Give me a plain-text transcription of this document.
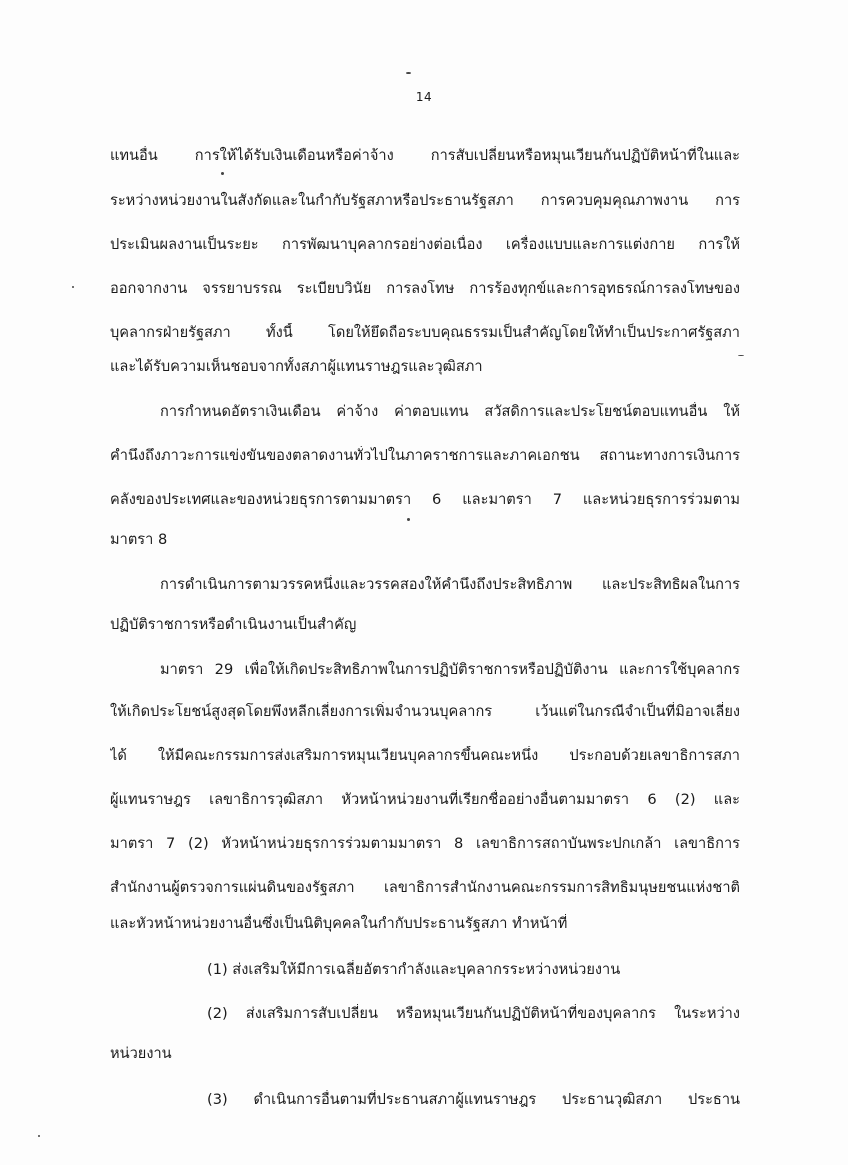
14
แทนอื่น การให้ได้รับเงินเดือนหรือค่าจ้าง การสับเปลี่ยนหรือหมุนเวียนกันปฏิบัติหน้าที่ในและ
ระหว่างหน่วยงานในสังกัดและในกำกับรัฐสภาหรือประธานรัฐสภา การควบคุมคุณภาพงาน การ
ประเมินผลงานเป็นระยะ การพัฒนาบุคลากรอย่างต่อเนื่อง เครื่องแบบและการแต่งกาย การให้
ออกจากงาน จรรยาบรรณ ระเบียบวินัย การลงโทษ การร้องทุกข์และการอุทธรณ์การลงโทษของ
บุคลากรฝ่ายรัฐสภา ทั้งนี้ โดยให้ยึดถือระบบคุณธรรมเป็นสำคัญโดยให้ทำเป็นประกาศรัฐสภา
และได้รับความเห็นชอบจากทั้งสภาผู้แทนราษฎรและวุฒิสภา
การกำหนดอัตราเงินเดือน ค่าจ้าง ค่าตอบแทน สวัสดิการและประโยชน์ตอบแทนอื่น ให้
คำนึงถึงภาวะการแข่งขันของตลาดงานทั่วไปในภาคราชการและภาคเอกชน สถานะทางการเงินการ
คลังของประเทศและของหน่วยธุรการตามมาตรา 6 และมาตรา 7 และหน่วยธุรการร่วมตาม
มาตรา 8
การดำเนินการตามวรรคหนึ่งและวรรคสองให้คำนึงถึงประสิทธิภาพ และประสิทธิผลในการ
ปฏิบัติราชการหรือดำเนินงานเป็นสำคัญ
มาตรา 29 เพื่อให้เกิดประสิทธิภาพในการปฏิบัติราชการหรือปฏิบัติงาน และการใช้บุคลากร
ให้เกิดประโยชน์สูงสุดโดยพึงหลีกเลี่ยงการเพิ่มจำนวนบุคลากร เว้นแต่ในกรณีจำเป็นที่มิอาจเลี่ยง
ได้ ให้มีคณะกรรมการส่งเสริมการหมุนเวียนบุคลากรขึ้นคณะหนึ่ง ประกอบด้วยเลขาธิการสภา
ผู้แทนราษฎร เลขาธิการวุฒิสภา หัวหน้าหน่วยงานที่เรียกชื่ออย่างอื่นตามมาตรา 6 (2) และ
มาตรา 7 (2) หัวหน้าหน่วยธุรการร่วมตามมาตรา 8 เลขาธิการสถาบันพระปกเกล้า เลขาธิการ
สำนักงานผู้ตรวจการแผ่นดินของรัฐสภา เลขาธิการสำนักงานคณะกรรมการสิทธิมนุษยชนแห่งชาติ
และหัวหน้าหน่วยงานอื่นซึ่งเป็นนิติบุคคลในกำกับประธานรัฐสภา ทำหน้าที่
(1) ส่งเสริมให้มีการเฉลี่ยอัตรากำลังและบุคลากรระหว่างหน่วยงาน
(2) ส่งเสริมการสับเปลี่ยน หรือหมุนเวียนกันปฏิบัติหน้าที่ของบุคลากร ในระหว่าง
หน่วยงาน
(3) ดำเนินการอื่นตามที่ประธานสภาผู้แทนราษฎร ประธานวุฒิสภา ประธาน
